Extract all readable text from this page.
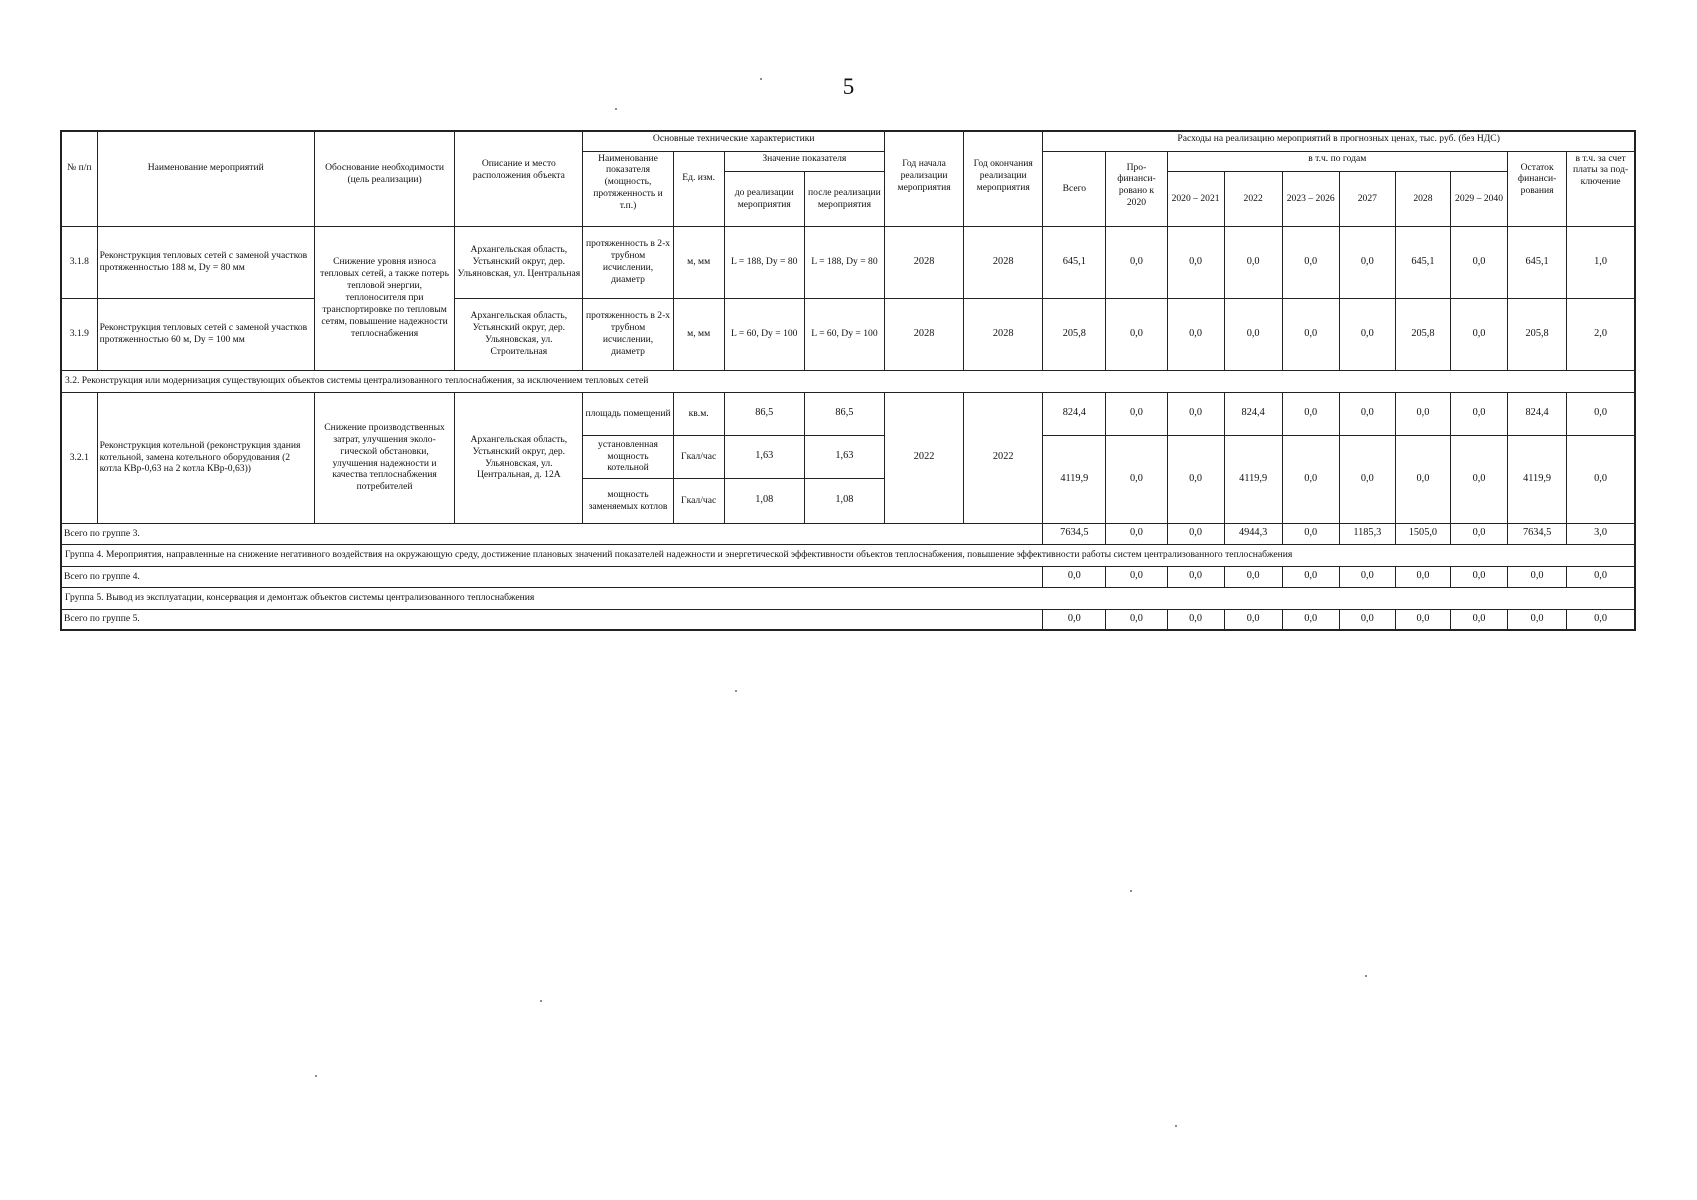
5
№ п/п	Наименование мероприятий	Обоснование необходимости (цель реализации)	Описание и место расположения объекта	Основные технические характеристики				Год начала реализации мероприятия	Год окончания реализации мероприятия	Расходы на реализацию мероприятий в прогнозных ценах, тыс. руб. (без НДС)									
				Наименование показателя (мощность, протяженность и т.п.)	Ед. изм.	Значение показателя				Всего	Про-финанси-ровано к 2020	в т.ч. по годам						Остаток финанси-рования	в т.ч. за счет платы за под-ключение
						до реализации мероприятия	после реализации мероприятия					2020 – 2021	2022	2023 – 2026	2027	2028	2029 – 2040		
3.1.8	Реконструкция тепловых сетей с заменой участков протяженностью 188 м, Dy = 80 мм	Снижение уровня износа тепловых сетей, а также потерь тепловой энергии, теплоносителя при транспортировке по тепловым сетям, повышение надежности теплоснабжения	Архангельская область, Устьянский округ, дер. Ульяновская, ул. Центральная	протяженность в 2-х трубном исчислении, диаметр	м, мм	L = 188, Dy = 80	L = 188, Dy = 80	2028	2028	645,1	0,0	0,0	0,0	0,0	0,0	645,1	0,0	645,1	1,0
3.1.9	Реконструкция тепловых сетей с заменой участков протяженностью 60 м, Dy = 100 мм		Архангельская область, Устьянский округ, дер. Ульяновская, ул. Строительная	протяженность в 2-х трубном исчислении, диаметр	м, мм	L = 60, Dy = 100	L = 60, Dy = 100	2028	2028	205,8	0,0	0,0	0,0	0,0	0,0	205,8	0,0	205,8	2,0
3.2. Реконструкция или модернизация существующих объектов системы централизованного теплоснабжения, за исключением тепловых сетей																			
3.2.1	Реконструкция котельной (реконструкция здания котельной, замена котельного оборудования (2 котла КВр-0,63 на 2 котла КВр-0,63))	Снижение производственных затрат, улучшения эколо-гической обстановки, улучшения надежности и качества теплоснабжения потребителей	Архангельская область, Устьянский округ, дер. Ульяновская, ул. Центральная, д. 12А	площадь помещений	кв.м.	86,5	86,5	2022	2022	824,4	0,0	0,0	824,4	0,0	0,0	0,0	0,0	824,4	0,0
				установленная мощность котельной	Гкал/час	1,63	1,63			4119,9	0,0	0,0	4119,9	0,0	0,0	0,0	0,0	4119,9	0,0
				мощность заменяемых котлов	Гкал/час	1,08	1,08												
Всего по группе 3.										7634,5	0,0	0,0	4944,3	0,0	1185,3	1505,0	0,0	7634,5	3,0
Группа 4. Мероприятия, направленные на снижение негативного воздействия на окружающую среду, достижение плановых значений показателей надежности и энергетической эффективности объектов теплоснабжения, повышение эффективности работы систем централизованного теплоснабжения																			
Всего по группе 4.										0,0	0,0	0,0	0,0	0,0	0,0	0,0	0,0	0,0	0,0
Группа 5. Вывод из эксплуатации, консервация и демонтаж объектов системы централизованного теплоснабжения																			
Всего по группе 5.										0,0	0,0	0,0	0,0	0,0	0,0	0,0	0,0	0,0	0,0
